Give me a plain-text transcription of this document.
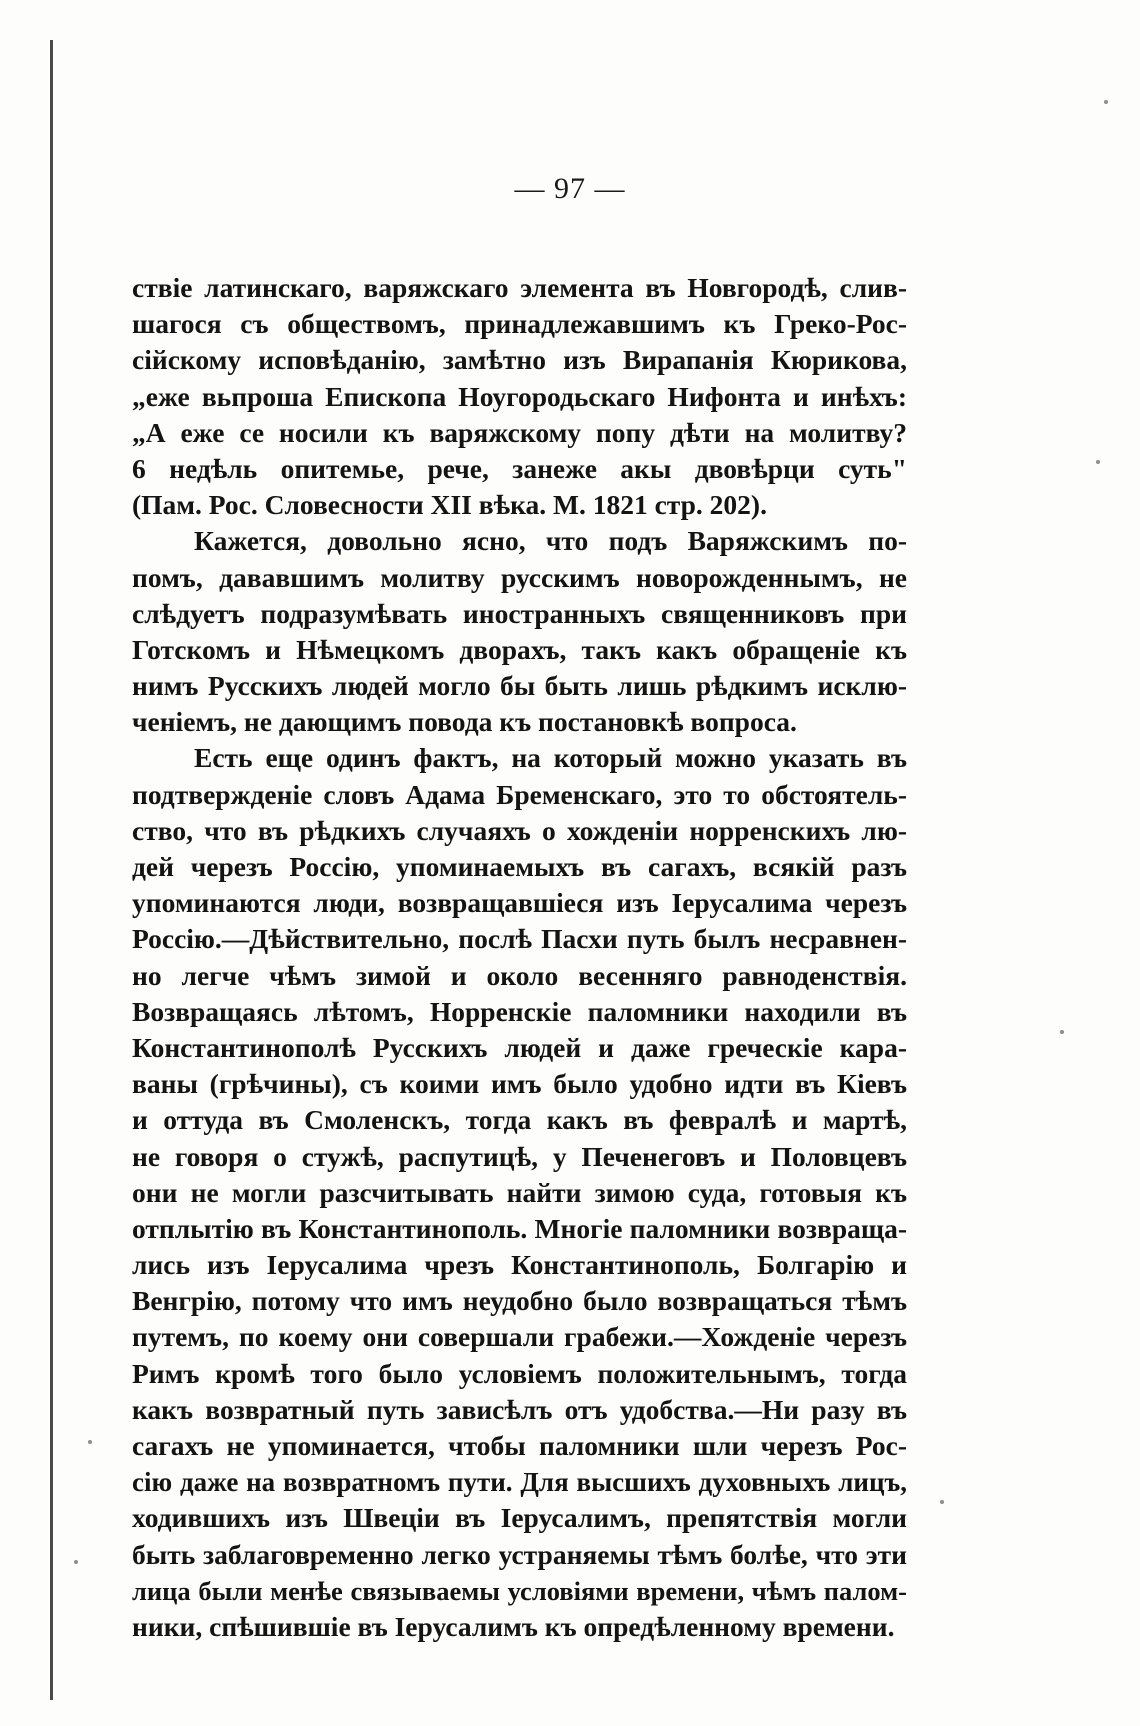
— 97 —
ствіе латинскаго, варяжскаго элемента въ Новгородѣ, слив-
шагося съ обществомъ, принадлежавшимъ къ Греко-Рос-
сійскому исповѣданію, замѣтно изъ Вирапанія Кюрикова,
„еже вьпроша Епископа Ноугородьскаго Нифонта и инѣхъ:
„А еже се носили къ варяжскому попу дѣти на молитву?
6 недѣль опитемье, рече, занеже акы двовѣрци суть"
(Пам. Рос. Словесности XII вѣка. М. 1821 стр. 202).
Кажется, довольно ясно, что подъ Варяжскимъ по-
помъ, дававшимъ молитву русскимъ новорожденнымъ, не
слѣдуетъ подразумѣвать иностранныхъ священниковъ при
Готскомъ и Нѣмецкомъ дворахъ, такъ какъ обращеніе къ
нимъ Русскихъ людей могло бы быть лишь рѣдкимъ исклю-
ченіемъ, не дающимъ повода къ постановкѣ вопроса.
Есть еще одинъ фактъ, на который можно указать въ
подтвержденіе словъ Адама Бременскаго, это то обстоятель-
ство, что въ рѣдкихъ случаяхъ о хожденіи норренскихъ лю-
дей черезъ Россію, упоминаемыхъ въ сагахъ, всякій разъ
упоминаются люди, возвращавшіеся изъ Іерусалима черезъ
Россію.—Дѣйствительно, послѣ Пасхи путь былъ несравнен-
но легче чѣмъ зимой и около весенняго равноденствія.
Возвращаясь лѣтомъ, Норренскіе паломники находили въ
Константинополѣ Русскихъ людей и даже греческіе кара-
ваны (грѣчины), съ коими имъ было удобно идти въ Кіевъ
и оттуда въ Смоленскъ, тогда какъ въ февралѣ и мартѣ,
не говоря о стужѣ, распутицѣ, у Печенеговъ и Половцевъ
они не могли разсчитывать найти зимою суда, готовыя къ
отплытію въ Константинополь. Многіе паломники возвраща-
лись изъ Іерусалима чрезъ Константинополь, Болгарію и
Венгрію, потому что имъ неудобно было возвращаться тѣмъ
путемъ, по коему они совершали грабежи.—Хожденіе черезъ
Римъ кромѣ того было условіемъ положительнымъ, тогда
какъ возвратный путь зависѣлъ отъ удобства.—Ни разу въ
сагахъ не упоминается, чтобы паломники шли черезъ Рос-
сію даже на возвратномъ пути. Для высшихъ духовныхъ лицъ,
ходившихъ изъ Швеціи въ Іерусалимъ, препятствія могли
быть заблаговременно легко устраняемы тѣмъ болѣе, что эти
лица были менѣе связываемы условіями времени, чѣмъ палом-
ники, спѣшившіе въ Іерусалимъ къ опредѣленному времени.
